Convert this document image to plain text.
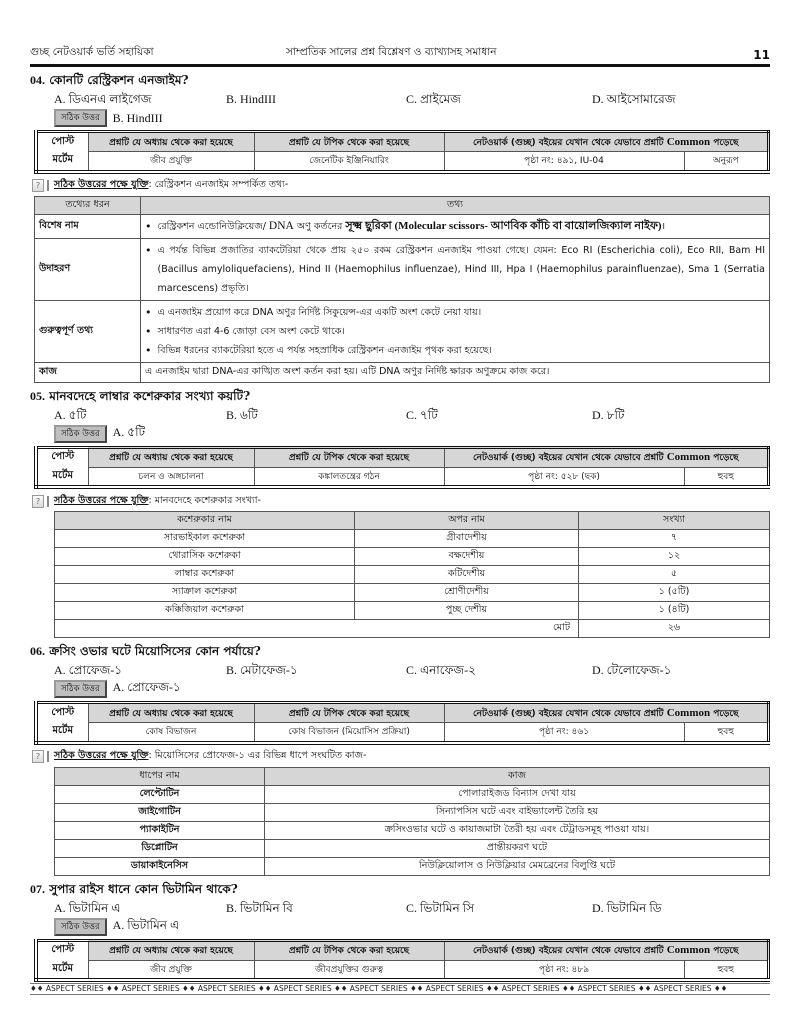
গুচ্ছ নেটওয়ার্ক ভর্তি সহায়িকা	সাম্প্রতিক সালের প্রশ্ন বিশ্লেষণ ও ব্যাখ্যাসহ সমাধান	11
04. কোনটি রেস্ট্রিকশন এনজাইম?
A. ডিএনএ লাইগেজ	B. HindIII	C. প্রাইমেজ	D. আইসোমারেজ
সঠিক উত্তর	B. HindIII
পোস্ট	প্রশ্নটি যে অধ্যায় থেকে করা হয়েছে	প্রশ্নটি যে টপিক থেকে করা হয়েছে	নেটওয়ার্ক (গুচ্ছ) বইয়ের যেখান থেকে যেভাবে প্রশ্নটি Common পড়েছে	
মর্টেম	জীব প্রযুক্তি	জেনেটিক ইঞ্জিনিয়ারিং	পৃষ্ঠা নং: ৪৯১, IU-04	অনুরূপ
?	সঠিক উত্তরের পক্ষে যুক্তি : রেস্ট্রিকশন এনজাইম সম্পর্কিত তথ্য-
তথ্যের ধরন	তথ্য
বিশেষ নাম	• রেস্ট্রিকশন এন্ডোনিউক্লিয়েজ/ DNA অণু কর্তনের সূক্ষ্ম ছুরিকা (Molecular scissors- আণবিক কাঁচি বা বায়োলজিক্যাল নাইফ)।

উদাহরণ	• এ পর্যন্ত বিভিন্ন প্রজাতির ব্যাকটেরিয়া থেকে প্রায় ২৫০ রকম রেস্ট্রিকশন এনজাইম পাওয়া গেছে। যেমন: Eco RI (Escherichia coli), Eco RII, Bam HI (Bacillus amyloliquefaciens), Hind II (Haemophilus influenzae), Hind III, Hpa I (Haemophilus parainfluenzae), Sma 1 (Serratia marcescens) প্রভৃতি।

গুরুত্বপূর্ণ তথ্য	• এ এনজাইম প্রয়োগ করে DNA অণুর নির্দিষ্ট সিকুয়েন্স-এর একটি অংশ কেটে নেয়া যায়।
• সাধারণত এরা 4-6 জোড়া বেস অংশ কেটে থাকে।
• বিভিন্ন ধরনের ব্যাকটেরিয়া হতে এ পর্যন্ত সহস্রাধিক রেস্ট্রিকশন এনজাইম পৃথক করা হয়েছে।

কাজ	এ এনজাইম দ্বারা DNA-এর কাঙ্খিত অংশ কর্তন করা হয়। এটি DNA অণুর নির্দিষ্ট ক্ষারক অণুক্রমে কাজ করে।
05. মানবদেহে লাম্বার কশেরুকার সংখ্যা কয়টি?
A. ৫টি	B. ৬টি	C. ৭টি	D. ৮টি
সঠিক উত্তর	A. ৫টি
পোস্ট	প্রশ্নটি যে অধ্যায় থেকে করা হয়েছে	প্রশ্নটি যে টপিক থেকে করা হয়েছে	নেটওয়ার্ক (গুচ্ছ) বইয়ের যেখান থেকে যেভাবে প্রশ্নটি Common পড়েছে	
মর্টেম	চলন ও অঙ্গচালনা	কঙ্কালতন্ত্রের গঠন	পৃষ্ঠা নং: ৫২৮ (ছক)	হুবহু
?	সঠিক উত্তরের পক্ষে যুক্তি : মানবদেহে কশেরুকার সংখ্যা-
কশেরুকার নাম	অপর নাম	সংখ্যা
সারভাইকাল কশেরুকা	গ্রীবাদেশীয়	৭
থোরাসিক কশেরুকা	বক্ষদেশীয়	১২
লাম্বার কশেরুকা	কটিদেশীয়	৫
স্যাক্রাল কশেরুকা	শ্রোণীদেশীয়	১ (৫টি)
কক্কিজিয়াল কশেরুকা	পুচ্ছ দেশীয়	১ (৪টি)
মোট		২৬
06. ক্রসিং ওভার ঘটে মিয়োসিসের কোন পর্যায়ে?
A. প্রোফেজ-১	B. মেটাফেজ-১	C. এনাফেজ-২	D. টেলোফেজ-১
সঠিক উত্তর	A. প্রোফেজ-১
পোস্ট	প্রশ্নটি যে অধ্যায় থেকে করা হয়েছে	প্রশ্নটি যে টপিক থেকে করা হয়েছে	নেটওয়ার্ক (গুচ্ছ) বইয়ের যেখান থেকে যেভাবে প্রশ্নটি Common পড়েছে	
মর্টেম	কোষ বিভাজন	কোষ বিভাজন (মিয়োসিস প্রক্রিয়া)	পৃষ্ঠা নং: ৪৬১	হুবহু
?	সঠিক উত্তরের পক্ষে যুক্তি : মিয়োসিসের প্রোফেজ-১ এর বিভিন্ন ধাপে সংঘটিত কাজ-
ধাপের নাম	কাজ
লেপ্টোটিন	পোলারাইজড বিন্যাস দেখা যায়
জাইগোটিন	সিন্যাপসিস ঘটে এবং বাইভ্যালেন্ট তৈরি হয়
প্যাকাইটিন	ক্রসিংওভার ঘটে ও কায়াজমাটা তৈরী হয় এবং টেট্রাডসমূহ পাওয়া যায়।
ডিপ্লোটিন	প্রান্তীয়করণ ঘটে
ডায়াকাইনেসিস	নিউক্লিয়োলাস ও নিউক্লিয়ার মেমব্রেনের বিলুপ্তি ঘটে
07. সুপার রাইস ধানে কোন ভিটামিন থাকে?
A. ভিটামিন এ	B. ভিটামিন বি	C. ভিটামিন সি	D. ভিটামিন ডি
সঠিক উত্তর	A. ভিটামিন এ
পোস্ট	প্রশ্নটি যে অধ্যায় থেকে করা হয়েছে	প্রশ্নটি যে টপিক থেকে করা হয়েছে	নেটওয়ার্ক (গুচ্ছ) বইয়ের যেখান থেকে যেভাবে প্রশ্নটি Common পড়েছে	
মর্টেম	জীব প্রযুক্তি	জীবপ্রযুক্তির গুরুত্ব	পৃষ্ঠা নং: ৪৮৯	হুবহু
♦♦ ASPECT SERIES ♦♦ ASPECT SERIES ♦♦ ASPECT SERIES ♦♦ ASPECT SERIES ♦♦ ASPECT SERIES ♦♦ ASPECT SERIES ♦♦ ASPECT SERIES ♦♦ ASPECT SERIES ♦♦ ASPECT SERIES ♦♦
